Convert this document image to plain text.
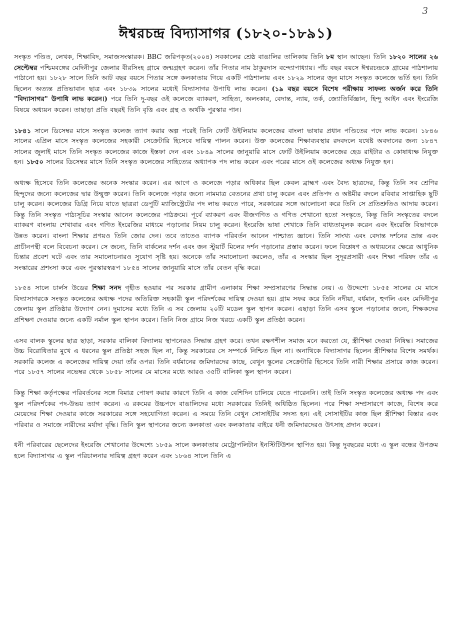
3
ঈশ্বরচন্দ্র বিদ্যাসাগর (১৮২০-১৮৯১)

সংস্কৃত পণ্ডিত, লেখক, শিক্ষাবিদ, সমাজসংস্কারক। BBC জরিপকৃত(২০০৪) সবকালের শ্রেষ্ঠ বাঙালির তালিকায় তিনি ৮ম স্থান আছেন। তিনি ১৮২০ সালের ২৬ সেপ্টেম্বর পশ্চিমবঙ্গের মেদিনীপুর জেলার বীরসিংহ গ্রামে জন্মগ্রহণ করেন। তাঁর পিতার নাম ঠাকুরদাস বন্দ্যোপাধ্যায়। পাঁচ বছর বয়সে ঈশ্বরচন্দ্রকে গ্রামের পাঠশালায় পাঠানো হয়। ১৮২৮ সালে তিনি আট বছর বয়সে পিতার সঙ্গে কলকাতায় গিয়ে একটি পাঠশালায় এবং ১৮২৯ সালের জুন মাসে সংস্কৃত কলেজে ভর্তি হন। তিনি ছিলেন অত্যন্ত প্রতিভাবান ছাত্র এবং ১৮৩৯ সালের মধ্যেই বিদ্যাসাগর উপাধি লাভ করেন। (১৯ বছর বয়সে বিশেষ পরীক্ষায় সাফল্য অর্জন করে তিনি "বিদ্যাসাগর" উপাধি লাভ করেন।) পরে তিনি দু-বছর ওই কলেজে ব্যাকরণ, সাহিত্য, অলংকার, বেদান্ত, ন্যায়, তর্ক, জ্যোতির্বিজ্ঞান, হিন্দু আইন এবং ইংরেজি বিষয়ে অধ্যয়ন করেন। তাছাড়া প্রতি বছরই তিনি বৃত্তি এবং গ্রন্থ ও অর্থকি পুরস্কার পান।

১৮৪১ সালে ডিসেম্বর মাসে সংস্কৃত কলেজ ত্যাগ করার অল্প পরেই তিনি ফোর্ট উইলিয়াম কলেজের বাংলা ভাষার প্রধান পণ্ডিতের পদে লাভ করেন। ১৮৪৬ সালের এপ্রিল মাসে সংস্কৃত কলেজের সহকারী সেক্রেটারি হিসেবে দায়িত্ব পালন করেন। উক্ত কলেজের শিক্ষাব্যবস্থার রদবদলে যথেষ্ট অবদানের জন্য ১৮৪৭ সালের জুলাই মাসে তিনি সংস্কৃত কলেজের কাজে ইস্তফা দেন এবং ১৮৪৯ সালের জানুয়ারি মাসে ফোর্ট উইলিয়াম কলেজের হেড রাইটার ও কোষাধ্যক্ষ নিযুক্ত হন। ১৮৫০ সালের ডিসেম্বর মাসে তিনি সংস্কৃত কলেজের সাহিত্যের অধ্যাপক পদ লাভ করেন এবং পরের মাসে ওই কলেজের অধ্যক্ষ নিযুক্ত হন।

অধ্যক্ষ হিসেবে তিনি কলেজের অনেক সংস্কার করেন। এর আগে ও কলেজে পড়ার অধিকার ছিল কেবল ব্রাহ্মণ এবং বৈদ্য ছাত্রদের, কিন্তু তিনি সব শ্রেণির হিন্দুদের জন্যে কলেজের দ্বার উন্মুক্ত করেন। তিনি কলেজে পড়ার জন্যে নামমাত্র বেতনের প্রথা চালু করেন এবং প্রতিপদ ও অষ্টমীর বদলে রবিবার সাপ্তাহিক ছুটি চালু করেন। কলেজের ডিগ্রি নিয়ে যাতে ছাত্ররা ডেপুটি ম্যাজিস্ট্রেটের পদ লাভ করতে পারে, সরকারের সঙ্গে আলোচনা করে তিনি সে প্রতিশ্রুতিও আদায় করেন। কিন্তু তিনি সংস্কৃত পাঠ্যসূচির সংস্কার আনেন কলেজের পাঠক্রমে। পূর্বে ব্যাকরণ এবং বীজগণিত ও গণিত শেখানো হতো সংস্কৃতে, কিন্তু তিনি সংস্কৃতের বদলে ব্যাকরণ বাংলায় শেখাবার এবং গণিত ইংরেজির মাধ্যমে পড়ানোর নিয়ম চালু করেন। ইংরেজি ভাষা শেখাকে তিনি বাধ্যতামূলক করেন এবং ইংরেজি বিভাগকে উন্নত করেন। বাংলা শিক্ষার প্রণয়ও তিনি জোর দেন। তবে তাতেও ব্যাপক পরিবর্তন আনেন পাশ্চাত্য জ্ঞানে। তিনি সাংখ্য এবং বেদান্ত দর্শনের ভ্রান্ত এবং প্রাচীনপন্থী বলে বিবেচনা করেন। সে জন্যে, তিনি বার্কলের দর্শন এবং জন স্টুয়ার্ট মিলের দর্শন পড়ানোর প্রস্তাব করেন। ফলে বিশ্লেষণ ও অধ্যয়নের ক্ষেত্রে আধুনিক চিন্তার প্রবেশ ঘটে এবং তার সমালোচনারও সুযোগ সৃষ্টি হয়। অনেকে তাঁর সমালোচনা করলেও, তাঁর এ সংস্কার ছিল সুদূরপ্রসারী এবং শিক্ষা পরিষদ তাঁর এ সংস্কারের প্রশংসা করে এবং পুরস্কারস্বরূপ ১৮৫৪ সালের জানুয়ারি মাসে তাঁর বেতন বৃদ্ধি করে।

১৮৫৪ সালে চার্লস উডের শিক্ষা সনদ গৃহীত হওয়ার পর সরকার গ্রামীণ এলাকায় শিক্ষা সম্প্রসারণের সিদ্ধান্ত নেয়। এ উদ্দেশ্যে ১৮৫৫ সালের মে মাসে বিদ্যাসাগরকে সংস্কৃত কলেজের অধ্যক্ষ পদের অতিরিক্ত সহকারী স্কুল পরিদর্শকের দায়িত্ব দেওয়া হয়। গ্রাম সফর করে তিনি নদীয়া, বর্ধমান, হুগলি এবং মেদিনীপুর জেলায় স্কুল প্রতিষ্ঠার উদ্যোগ নেন। দুমাসের মধ্যে তিনি এ সব জেলায় ২০টি মডেল স্কুল স্থাপন করেন। এছাড়া তিনি এসব স্কুলে পড়ানোর জন্যে, শিক্ষকদের প্রশিক্ষণ দেওয়ার জন্যে একটি নর্মাল স্কুল স্থাপন করেন। তিনি নিজ গ্রামে নিজ খরচে একটি স্কুল প্রতিষ্ঠা করেন।

এসব বালক স্কুলের ছাত্র ছাড়া, সরকার বালিকা বিদ্যালয় স্থাপনেরও সিদ্ধান্ত গ্রহণ করে। তখন রক্ষণশীল সমাজ মনে করতো যে, স্ত্রীশিক্ষা দেওয়া নিষিদ্ধ। সমাজের উচ্চ বিরোধিতার মুখে এ ধরনের স্কুল প্রতিষ্ঠা সহজ ছিল না, কিন্তু সরকারের সে সম্পর্কে নিশ্চিত ছিল না। অনাথিকে বিদ্যাসাগর ছিলেন স্ত্রীশিক্ষার বিশেষ সমর্থক। সরকারি কলেজ এ কলেজের দায়িত্ব দেয়া তাঁর ওপর। তিনি বর্ধমানের জমিদারদের কাছে, বেথুন স্কুলের সেক্রেটারি হিসেবে তিনি নারী শিক্ষার প্রসারে কাজ করেন। পরে ১৮৫৭ সালের নভেম্বর থেকে ১৮৫৮ সালের মে মাসের মধ্যে আরও ৩৫টি বালিকা স্কুল স্থাপন করেন।

কিন্তু শিক্ষা কর্তৃপক্ষের পরিবর্তনের সঙ্গে বিমাত্র পোষণ করার কারণে তিনি এ কাজ বেশিদিন চালিয়ে যেতে পারেননি। তাই তিনি সংস্কৃত কলেজের অধ্যক্ষ পদ এবং স্কুল পরিদর্শকের পদ-উভয় ত্যাগ করেন। এ রকমের উচ্চপদে বাঙালিদের মধ্যে সরকারের তিনিই অধিষ্ঠিত ছিলেন। পরে শিক্ষা সম্প্রসারণে কাজে, বিশেষ করে মেয়েদের শিক্ষা দেওয়ার কাজে সরকারের সঙ্গে সহযোগিতা করেন। এ সময়ে তিনি বেথুন সোসাইটির সদস্য হন। এই সোসাইটির কাজ ছিল স্ত্রীশিক্ষা বিস্তার এবং পরিবার ও সমাজে নারীদের মর্যাদা বৃদ্ধি। তিনি স্কুল স্থাপনের জন্যে কলকাতা এবং কলকাতার বাইরে ধনী জমিদারদেরও উৎসাহ প্রদান করেন।

ধনী পরিবারের ছেলেদের ইংরেজি শেখানোর উদ্দেশ্যে ১৮৫৯ সালে কলকাতায় মেট্রোপলিটান ইনস্টিটিউশন স্থাপিত হয়। কিন্তু দুবছরের মধ্যে এ স্কুল বন্ধের উপক্রম হলে বিদ্যাসাগর এ স্কুল পরিচালনার দায়িত্ব গ্রহণ করেন এবং ১৮৬৪ সালে তিনি এ
